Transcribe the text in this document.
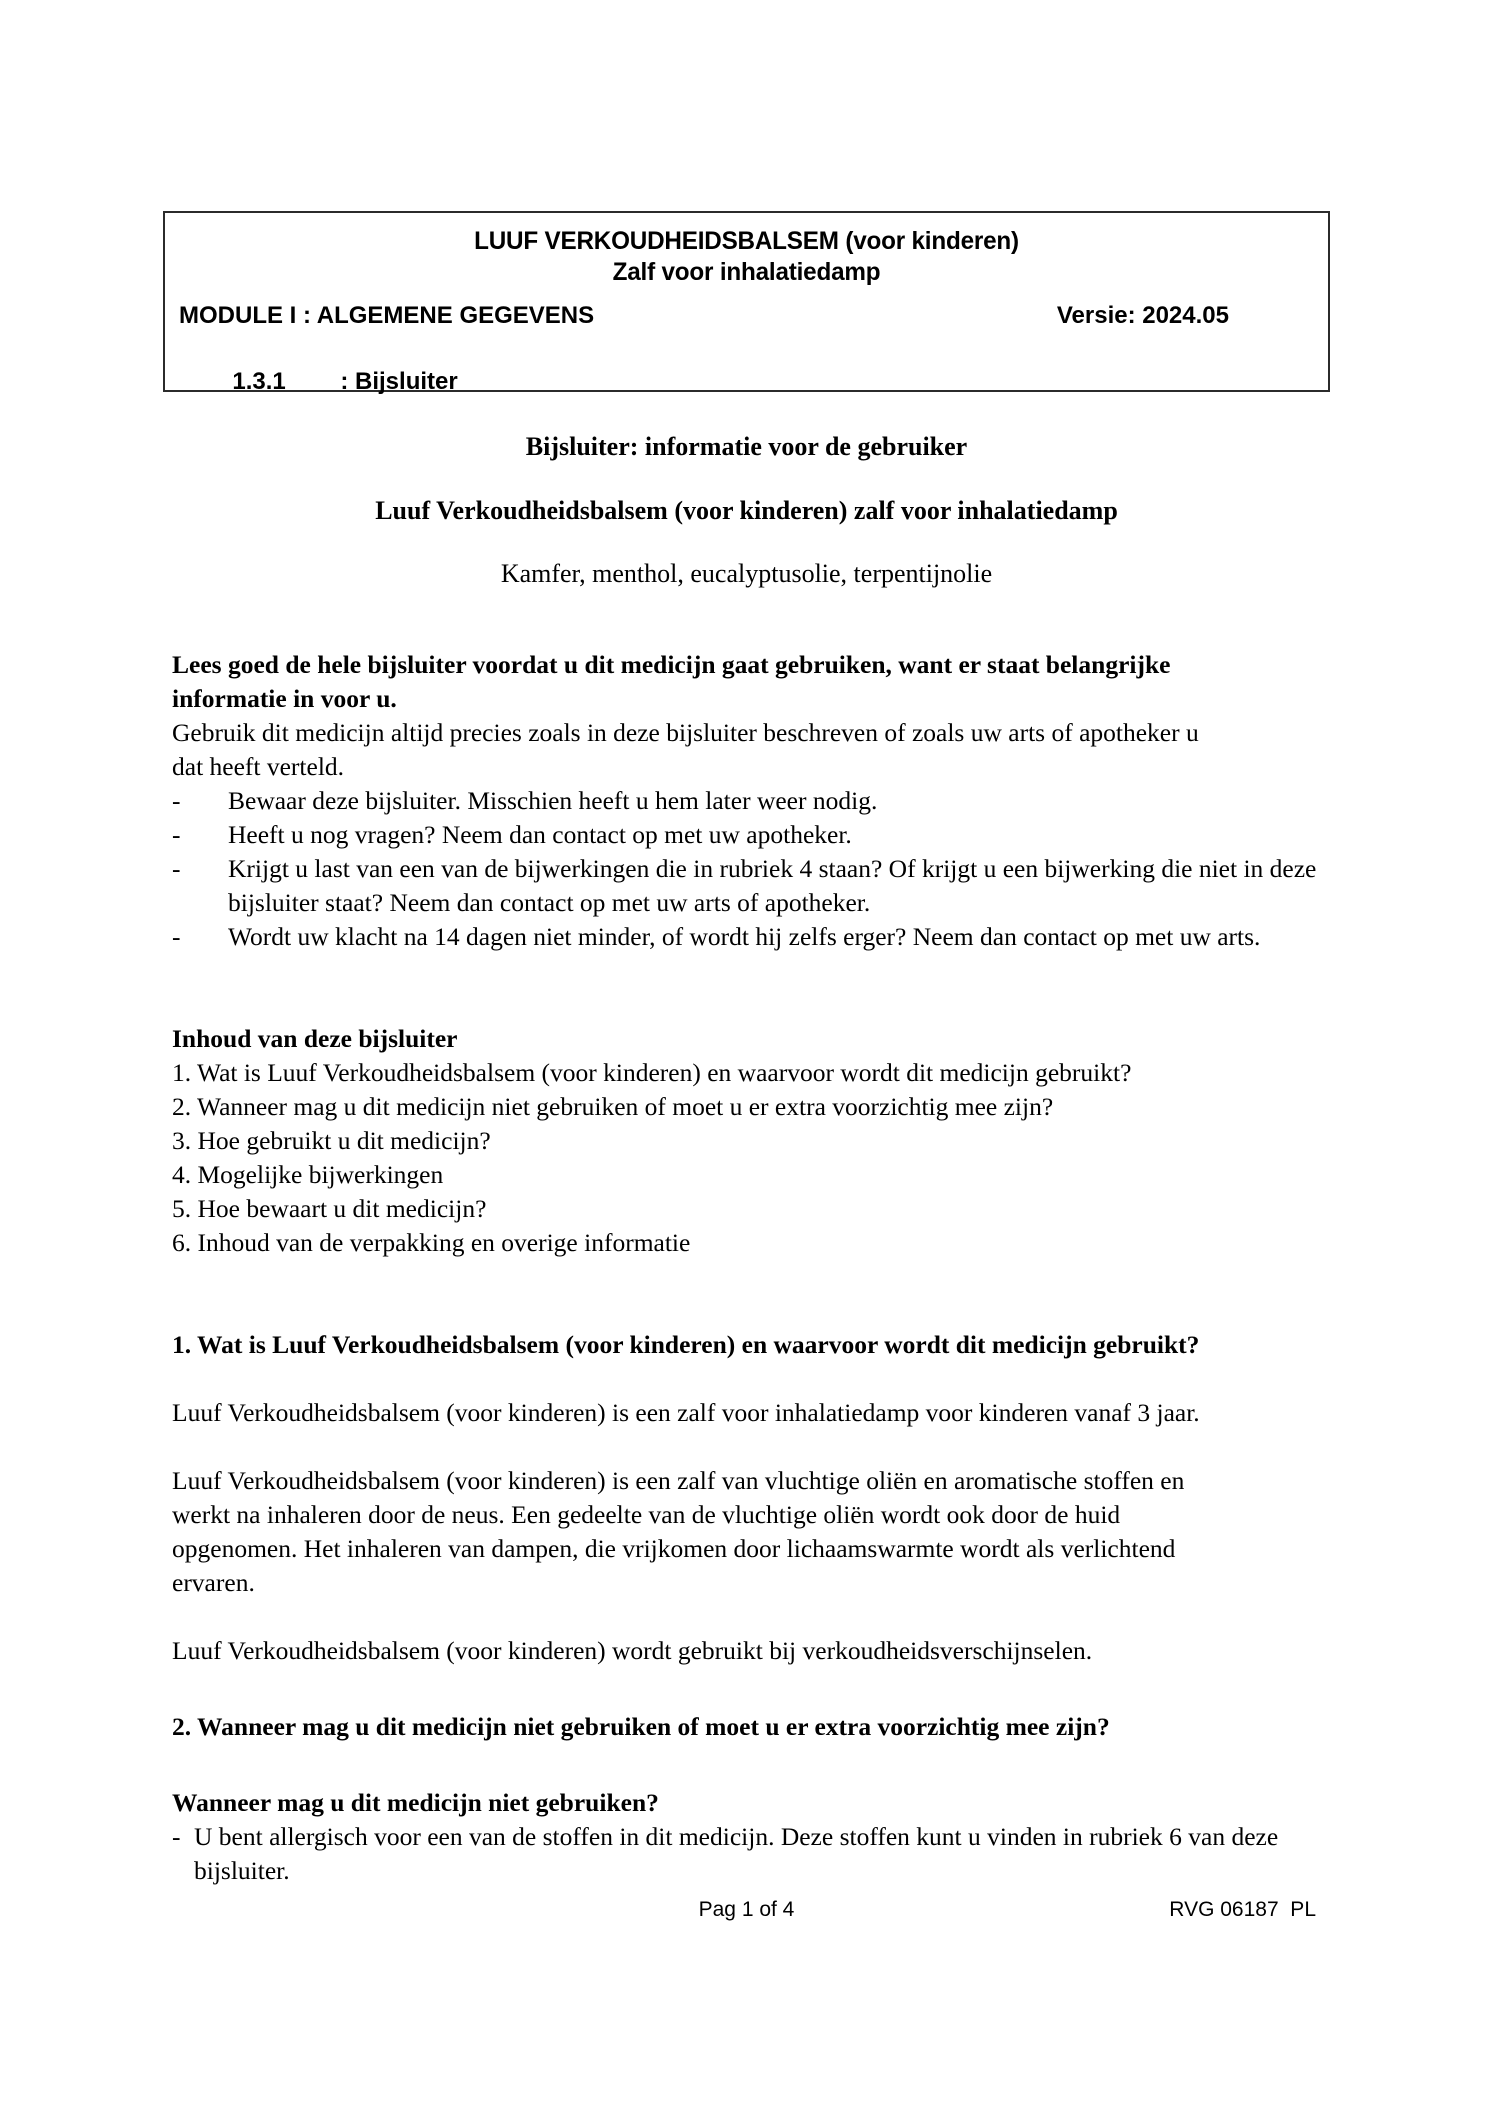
LUUF VERKOUDHEIDSBALSEM (voor kinderen)
Zalf voor inhalatiedamp
MODULE I : ALGEMENE GEGEVENS	Versie: 2024.05

1.3.1 : Bijsluiter

Bijsluiter: informatie voor de gebruiker
Luuf Verkoudheidsbalsem (voor kinderen) zalf voor inhalatiedamp
Kamfer, menthol, eucalyptusolie, terpentijnolie

Lees goed de hele bijsluiter voordat u dit medicijn gaat gebruiken, want er staat belangrijke

informatie in voor u.

Gebruik dit medicijn altijd precies zoals in deze bijsluiter beschreven of zoals uw arts of apotheker u

dat heeft verteld.

-	Bewaar deze bijsluiter. Misschien heeft u hem later weer nodig.
-	Heeft u nog vragen? Neem dan contact op met uw apotheker.
-	Krijgt u last van een van de bijwerkingen die in rubriek 4 staan? Of krijgt u een bijwerking die niet in deze bijsluiter staat? Neem dan contact op met uw arts of apotheker.
-	Wordt uw klacht na 14 dagen niet minder, of wordt hij zelfs erger? Neem dan contact op met uw arts.

Inhoud van deze bijsluiter

1. Wat is Luuf Verkoudheidsbalsem (voor kinderen) en waarvoor wordt dit medicijn gebruikt?

2. Wanneer mag u dit medicijn niet gebruiken of moet u er extra voorzichtig mee zijn?

3. Hoe gebruikt u dit medicijn?

4. Mogelijke bijwerkingen

5. Hoe bewaart u dit medicijn?

6. Inhoud van de verpakking en overige informatie

1. Wat is Luuf Verkoudheidsbalsem (voor kinderen) en waarvoor wordt dit medicijn gebruikt?

Luuf Verkoudheidsbalsem (voor kinderen) is een zalf voor inhalatiedamp voor kinderen vanaf 3 jaar.

Luuf Verkoudheidsbalsem (voor kinderen) is een zalf van vluchtige oliën en aromatische stoffen en

werkt na inhaleren door de neus. Een gedeelte van de vluchtige oliën wordt ook door de huid

opgenomen. Het inhaleren van dampen, die vrijkomen door lichaamswarmte wordt als verlichtend

ervaren.

Luuf Verkoudheidsbalsem (voor kinderen) wordt gebruikt bij verkoudheidsverschijnselen.

2. Wanneer mag u dit medicijn niet gebruiken of moet u er extra voorzichtig mee zijn?

Wanneer mag u dit medicijn niet gebruiken?

- U bent allergisch voor een van de stoffen in dit medicijn. Deze stoffen kunt u vinden in rubriek 6 van deze bijsluiter.
Pag 1 of 4	RVG 06187  PL
